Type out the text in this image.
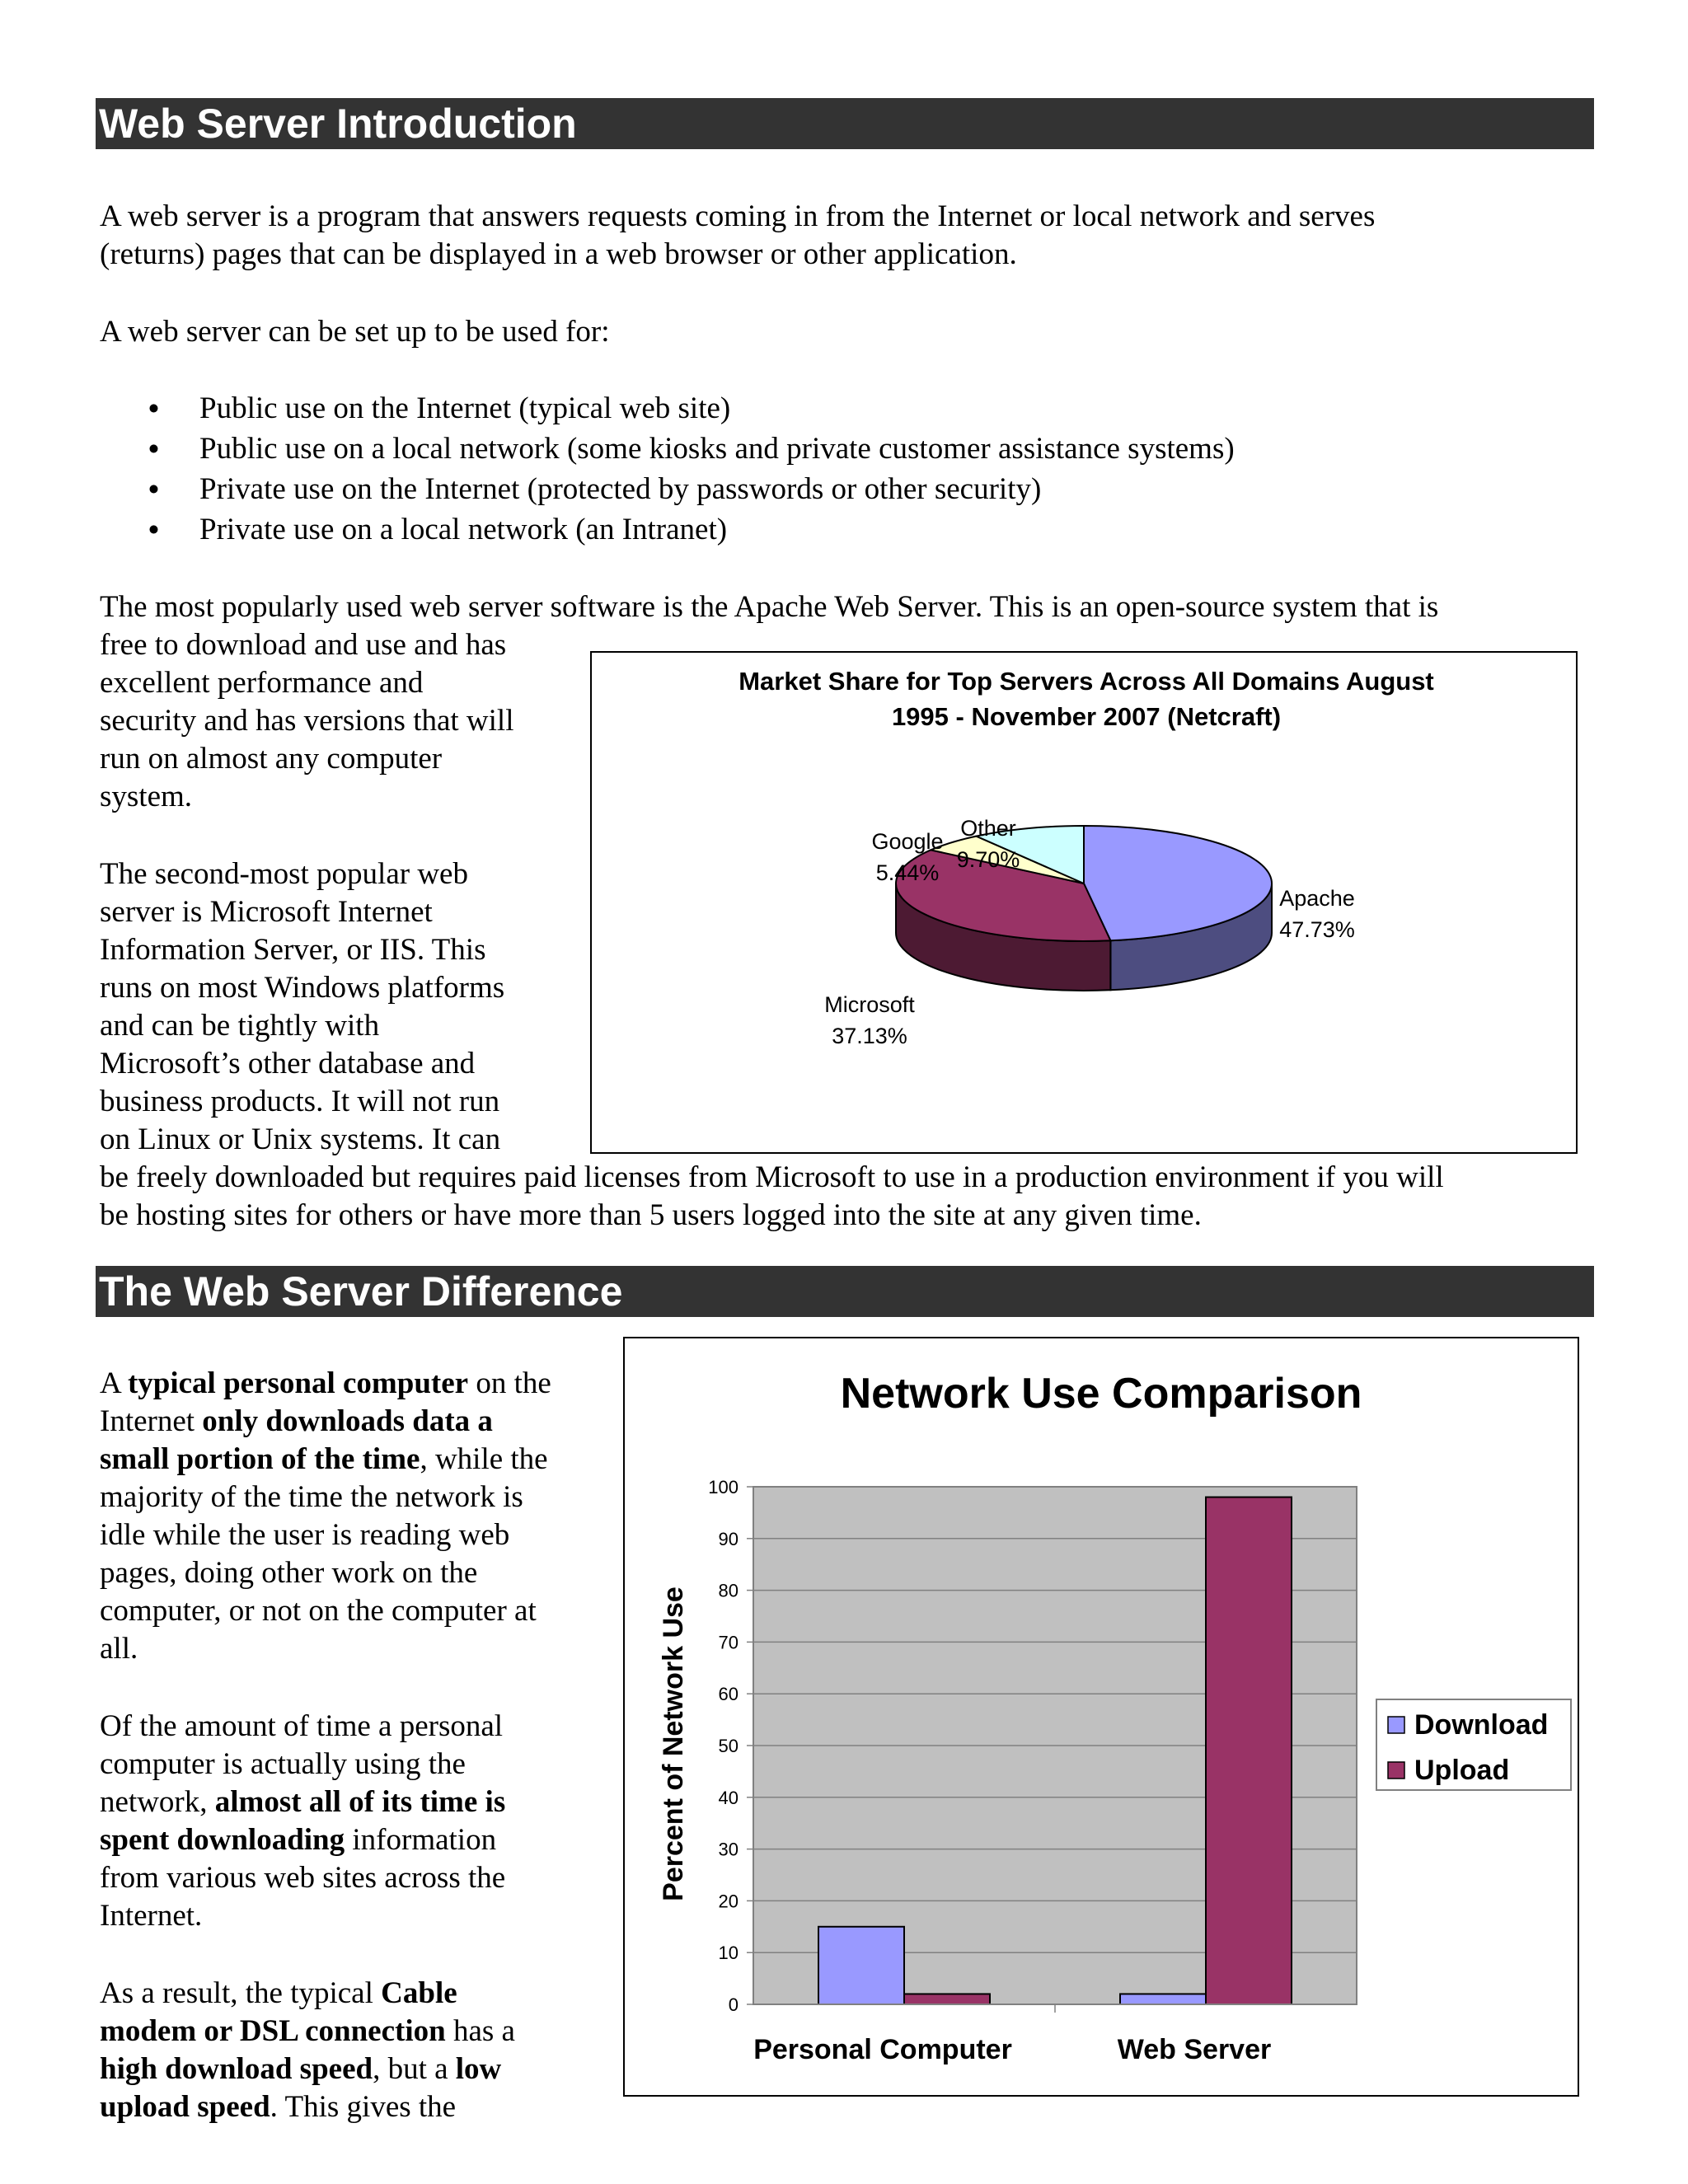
Web Server Introduction
A web server is a program that answers requests coming in from the Internet or local network and serves
(returns) pages that can be displayed in a web browser or other application.
A web server can be set up to be used for:
• Public use on the Internet (typical web site)
• Public use on a local network (some kiosks and private customer assistance systems)
• Private use on the Internet (protected by passwords or other security)
• Private use on a local network (an Intranet)
The most popularly used web server software is the Apache Web Server. This is an open-source system that is
free to download and use and has
excellent performance and
security and has versions that will
run on almost any computer
system.
The second-most popular web
server is Microsoft Internet
Information Server, or IIS. This
runs on most Windows platforms
and can be tightly with
Microsoft’s other database and
business products. It will not run
on Linux or Unix systems. It can
be freely downloaded but requires paid licenses from Microsoft to use in a production environment if you will
be hosting sites for others or have more than 5 users logged into the site at any given time.
Market Share for Top Servers Across All Domains August
1995 - November 2007 (Netcraft)
Apache
47.73%
Microsoft
37.13%
Google
5.44%
Other
9.70%
The Web Server Difference
A typical personal computer on the
Internet only downloads data a
small portion of the time, while the
majority of the time the network is
idle while the user is reading web
pages, doing other work on the
computer, or not on the computer at
all.
Of the amount of time a personal
computer is actually using the
network, almost all of its time is
spent downloading information
from various web sites across the
Internet.
As a result, the typical Cable
modem or DSL connection has a
high download speed, but a low
upload speed. This gives the
Network Use Comparison
Percent of Network Use
0
10
20
30
40
50
60
70
80
90
100
Personal Computer	Web Server
Download
Upload
